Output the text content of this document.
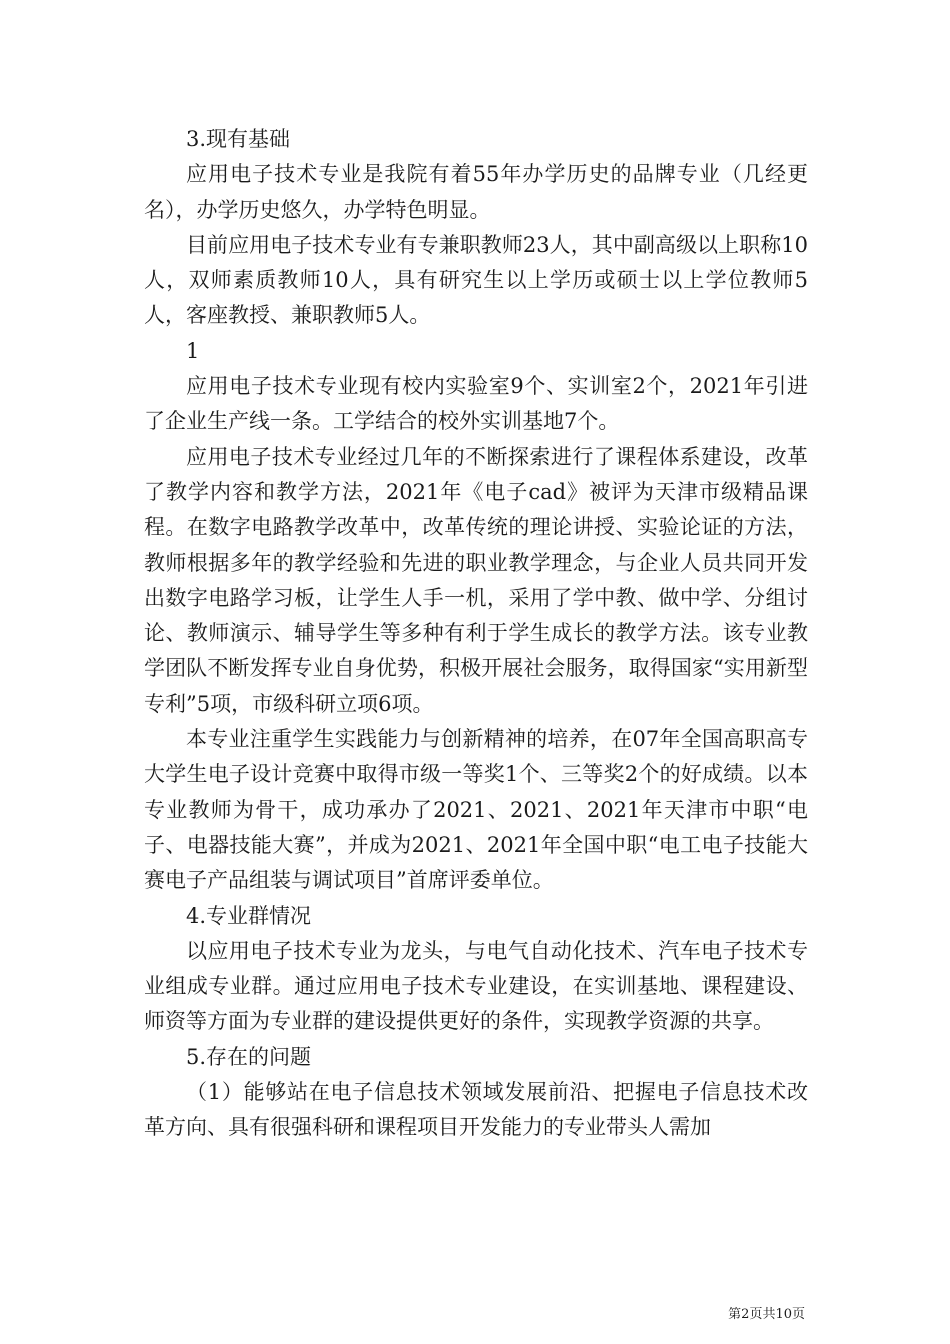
3.现有基础

应用电子技术专业是我院有着55年办学历史的品牌专业（几经更名），办学历史悠久，办学特色明显。

目前应用电子技术专业有专兼职教师23人，其中副高级以上职称10人，双师素质教师10人，具有研究生以上学历或硕士以上学位教师5人，客座教授、兼职教师5人。

1

应用电子技术专业现有校内实验室9个、实训室2个，2021年引进了企业生产线一条。工学结合的校外实训基地7个。

应用电子技术专业经过几年的不断探索进行了课程体系建设，改革了教学内容和教学方法，2021年《电子cad》被评为天津市级精品课程。在数字电路教学改革中，改革传统的理论讲授、实验论证的方法，教师根据多年的教学经验和先进的职业教学理念，与企业人员共同开发出数字电路学习板，让学生人手一机，采用了学中教、做中学、分组讨论、教师演示、辅导学生等多种有利于学生成长的教学方法。该专业教学团队不断发挥专业自身优势，积极开展社会服务，取得国家“实用新型专利”5项，市级科研立项6项。

本专业注重学生实践能力与创新精神的培养，在07年全国高职高专大学生电子设计竞赛中取得市级一等奖1个、三等奖2个的好成绩。以本专业教师为骨干，成功承办了2021、2021、2021年天津市中职“电子、电器技能大赛”，并成为2021、2021年全国中职“电工电子技能大赛电子产品组装与调试项目”首席评委单位。

4.专业群情况

以应用电子技术专业为龙头，与电气自动化技术、汽车电子技术专业组成专业群。通过应用电子技术专业建设，在实训基地、课程建设、师资等方面为专业群的建设提供更好的条件，实现教学资源的共享。

5.存在的问题

（1）能够站在电子信息技术领域发展前沿、把握电子信息技术改革方向、具有很强科研和课程项目开发能力的专业带头人需加

第2页共10页
